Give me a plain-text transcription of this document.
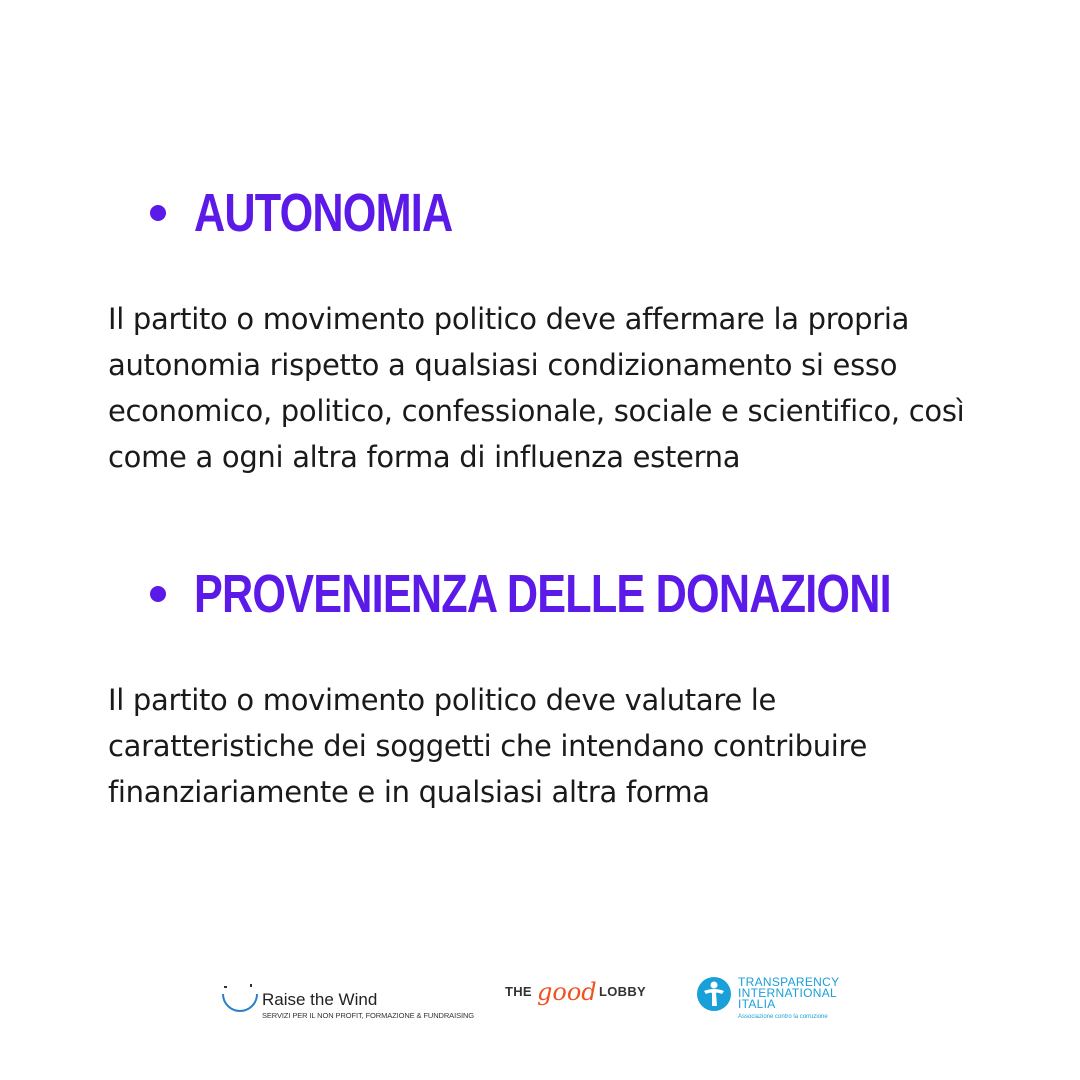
AUTONOMIA

Il partito o movimento politico deve affermare la propria autonomia rispetto a qualsiasi condizionamento si esso economico, politico, confessionale, sociale e scientifico, così come a ogni altra forma di influenza esterna

PROVENIENZA DELLE DONAZIONI

Il partito o movimento politico deve valutare le caratteristiche dei soggetti che intendano contribuire finanziariamente e in qualsiasi altra forma

Raise the Wind
SERVIZI PER IL NON PROFIT, FORMAZIONE & FUNDRAISING
THE good LOBBY
TRANSPARENCY
INTERNATIONAL
ITALIA
Associazione contro la corruzione
